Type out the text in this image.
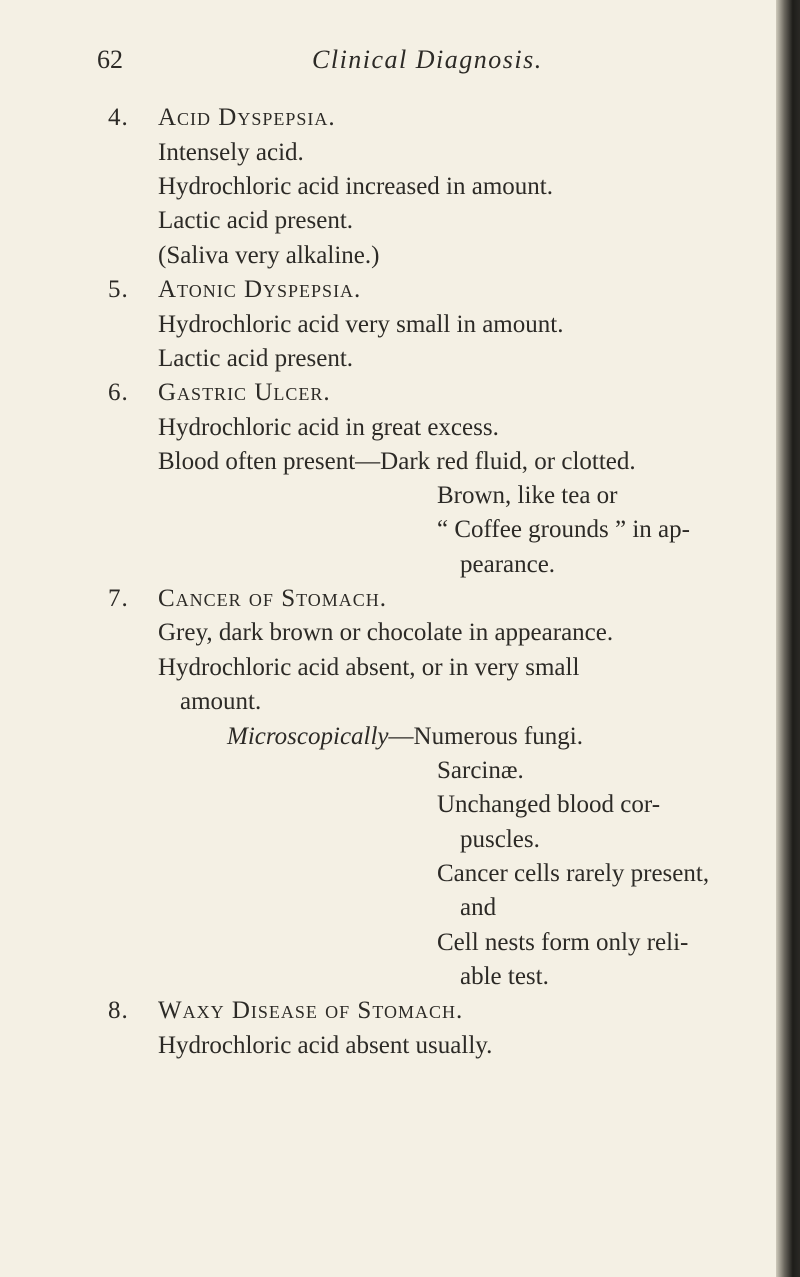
62	Clinical Diagnosis.
4. Acid Dyspepsia.
Intensely acid.
Hydrochloric acid increased in amount.
Lactic acid present.
(Saliva very alkaline.)
5. Atonic Dyspepsia.
Hydrochloric acid very small in amount.
Lactic acid present.
6. Gastric Ulcer.
Hydrochloric acid in great excess.
Blood often present—Dark red fluid, or clotted.
Brown, like tea or
“ Coffee grounds ” in ap-
pearance.
7. Cancer of Stomach.
Grey, dark brown or chocolate in appearance.
Hydrochloric acid absent, or in very small
amount.
Microscopically—Numerous fungi.
Sarcinæ.
Unchanged blood cor-
puscles.
Cancer cells rarely present,
and
Cell nests form only reli-
able test.
8. Waxy Disease of Stomach.
Hydrochloric acid absent usually.
